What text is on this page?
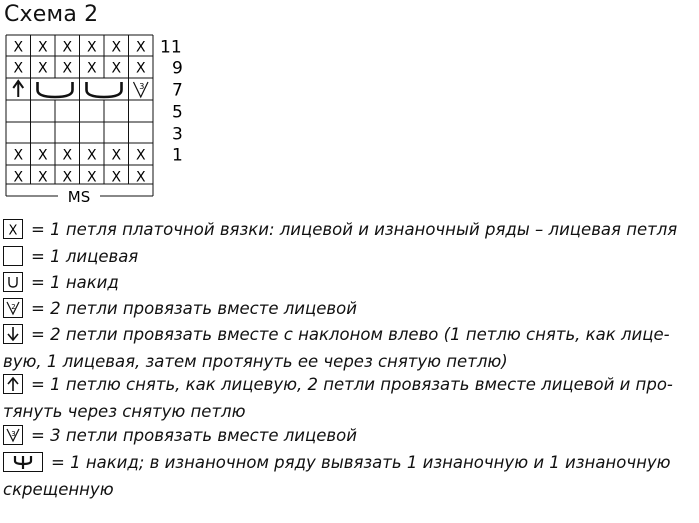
Схема 2
X X X X X X
X X X X X X
X X X X X X
X X X X X X
3
11
9
7
5
3
1
MS
X = 1 петля платочной вязки: лицевой и изнаночный ряды – лицевая петля
= 1 лицевая
= 1 накид
2 = 2 петли провязать вместе лицевой
= 2 петли провязать вместе с наклоном влево (1 петлю снять, как лице-вую, 1 лицевая, затем протянуть ее через снятую петлю)
= 1 петлю снять, как лицевую, 2 петли провязать вместе лицевой и про-тянуть через снятую петлю
3 = 3 петли провязать вместе лицевой
= 1 накид; в изнаночном ряду вывязать 1 изнаночную и 1 изнаночную скрещенную
